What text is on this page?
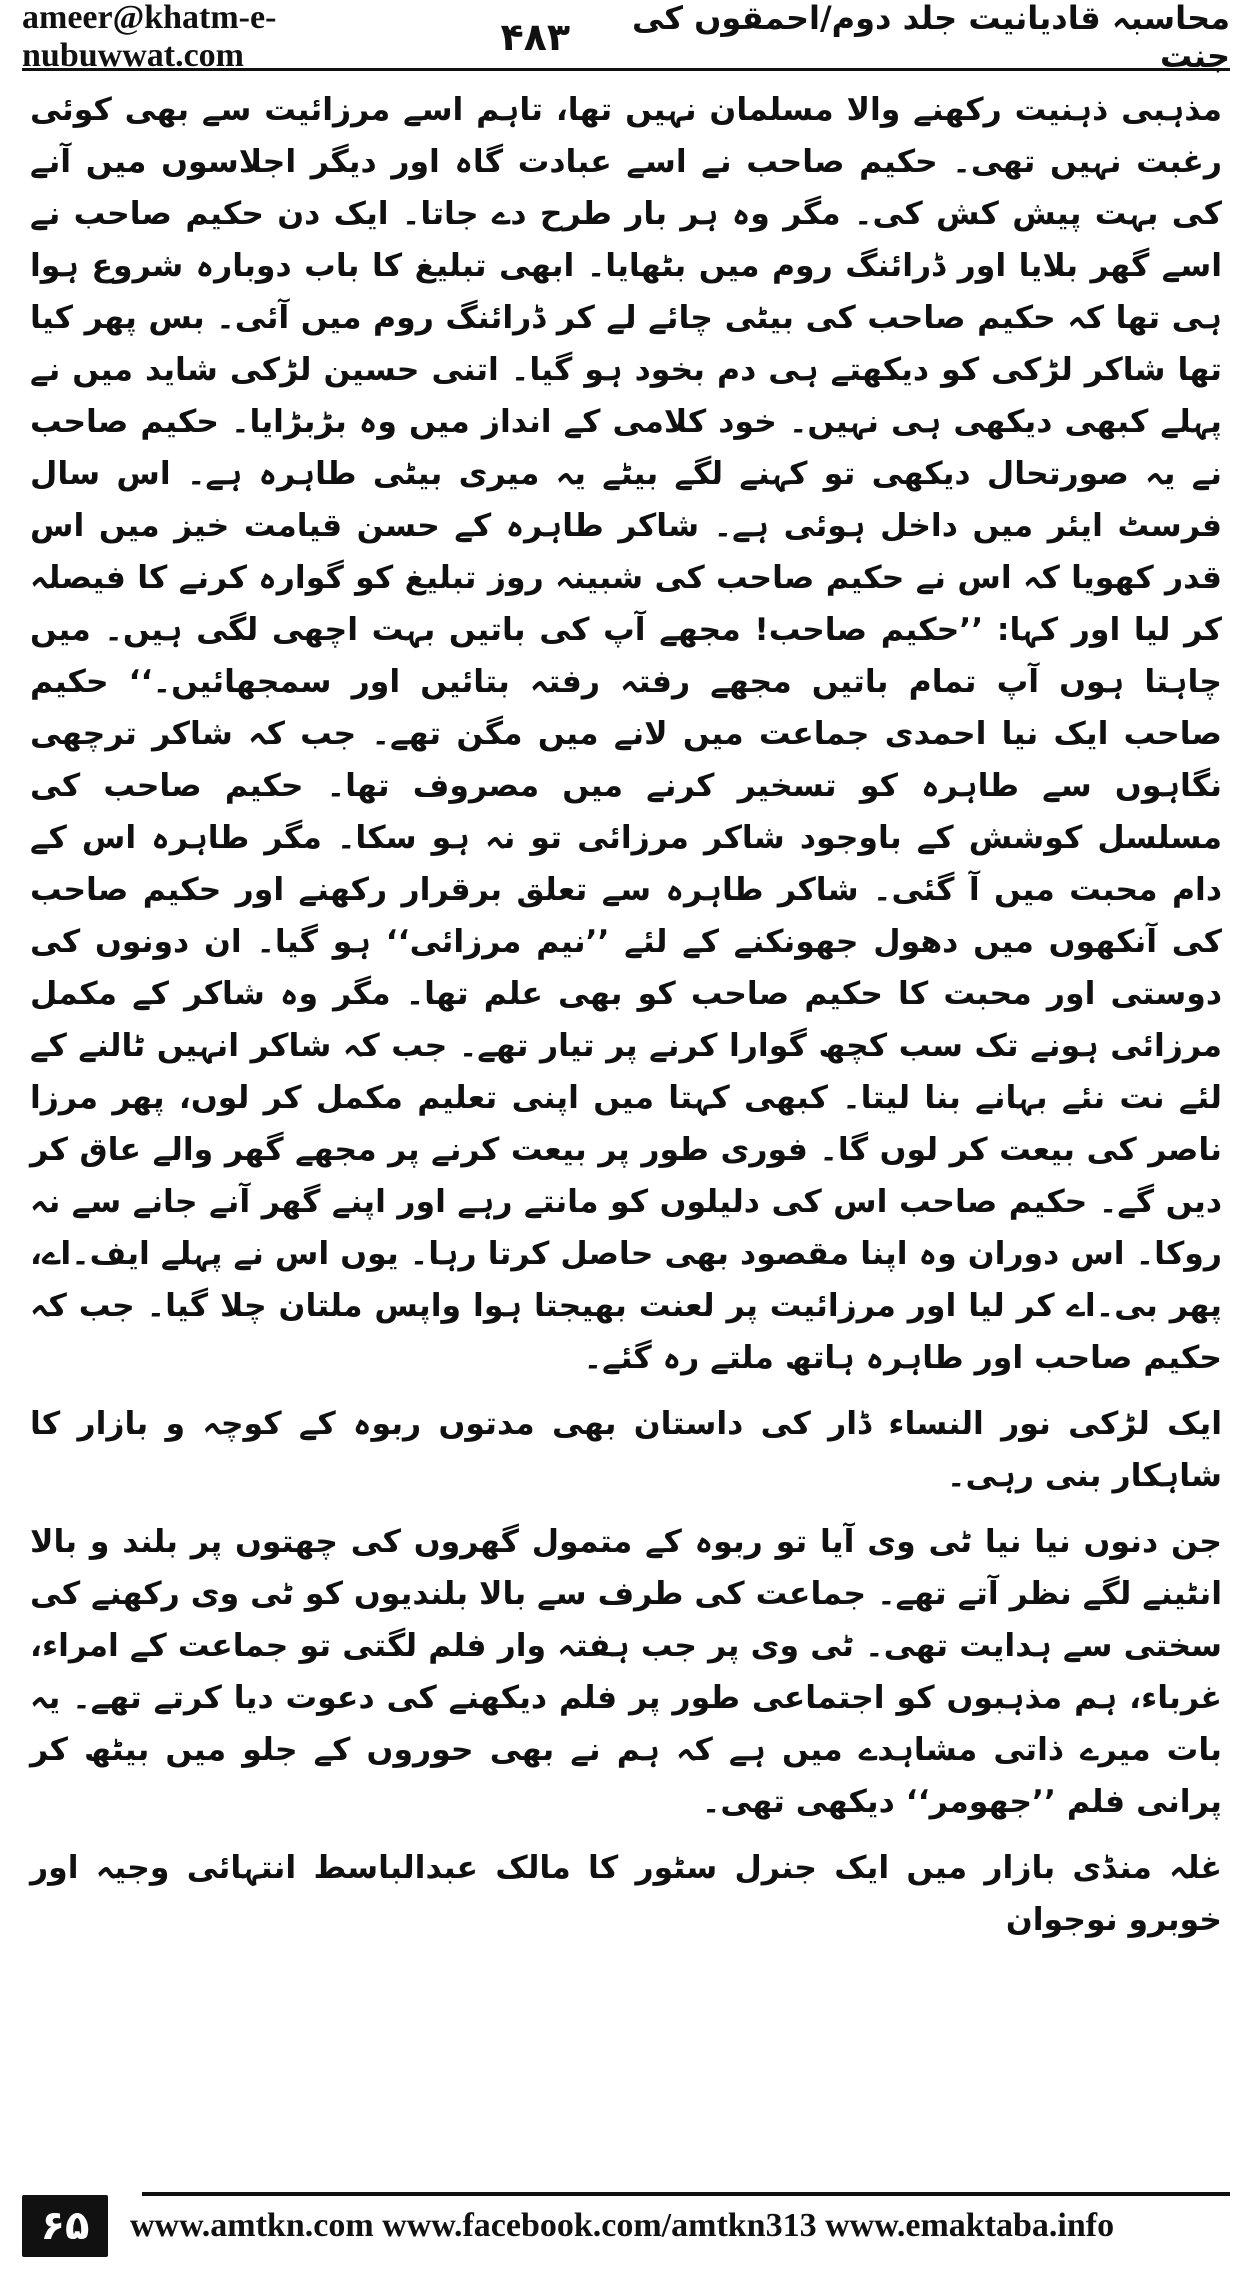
ameer@khatm-e-nubuwwat.com	۴۸۳	محاسبہ قادیانیت جلد دوم/احمقوں کی جنت

مذہبی ذہنیت رکھنے والا مسلمان نہیں تھا، تاہم اسے مرزائیت سے بھی کوئی رغبت نہیں تھی۔ حکیم صاحب نے اسے عبادت گاہ اور دیگر اجلاسوں میں آنے کی بہت پیش کش کی۔ مگر وہ ہر بار طرح دے جاتا۔ ایک دن حکیم صاحب نے اسے گھر بلایا اور ڈرائنگ روم میں بٹھایا۔ ابھی تبلیغ کا باب دوبارہ شروع ہوا ہی تھا کہ حکیم صاحب کی بیٹی چائے لے کر ڈرائنگ روم میں آئی۔ بس پھر کیا تھا شاکر لڑکی کو دیکھتے ہی دم بخود ہو گیا۔ اتنی حسین لڑکی شاید میں نے پہلے کبھی دیکھی ہی نہیں۔ خود کلامی کے انداز میں وہ بڑبڑایا۔ حکیم صاحب نے یہ صورتحال دیکھی تو کہنے لگے بیٹے یہ میری بیٹی طاہرہ ہے۔ اس سال فرسٹ ایئر میں داخل ہوئی ہے۔ شاکر طاہرہ کے حسن قیامت خیز میں اس قدر کھویا کہ اس نے حکیم صاحب کی شبینہ روز تبلیغ کو گوارہ کرنے کا فیصلہ کر لیا اور کہا: ’’حکیم صاحب! مجھے آپ کی باتیں بہت اچھی لگی ہیں۔ میں چاہتا ہوں آپ تمام باتیں مجھے رفتہ رفتہ بتائیں اور سمجھائیں۔‘‘ حکیم صاحب ایک نیا احمدی جماعت میں لانے میں مگن تھے۔ جب کہ شاکر ترچھی نگاہوں سے طاہرہ کو تسخیر کرنے میں مصروف تھا۔ حکیم صاحب کی مسلسل کوشش کے باوجود شاکر مرزائی تو نہ ہو سکا۔ مگر طاہرہ اس کے دام محبت میں آ گئی۔ شاکر طاہرہ سے تعلق برقرار رکھنے اور حکیم صاحب کی آنکھوں میں دھول جھونکنے کے لئے ’’نیم مرزائی‘‘ ہو گیا۔ ان دونوں کی دوستی اور محبت کا حکیم صاحب کو بھی علم تھا۔ مگر وہ شاکر کے مکمل مرزائی ہونے تک سب کچھ گوارا کرنے پر تیار تھے۔ جب کہ شاکر انہیں ٹالنے کے لئے نت نئے بہانے بنا لیتا۔ کبھی کہتا میں اپنی تعلیم مکمل کر لوں، پھر مرزا ناصر کی بیعت کر لوں گا۔ فوری طور پر بیعت کرنے پر مجھے گھر والے عاق کر دیں گے۔ حکیم صاحب اس کی دلیلوں کو مانتے رہے اور اپنے گھر آنے جانے سے نہ روکا۔ اس دوران وہ اپنا مقصود بھی حاصل کرتا رہا۔ یوں اس نے پہلے ایف۔اے، پھر بی۔اے کر لیا اور مرزائیت پر لعنت بھیجتا ہوا واپس ملتان چلا گیا۔ جب کہ حکیم صاحب اور طاہرہ ہاتھ ملتے رہ گئے۔

ایک لڑکی نور النساء ڈار کی داستان بھی مدتوں ربوہ کے کوچہ و بازار کا شاہکار بنی رہی۔

جن دنوں نیا نیا ٹی وی آیا تو ربوہ کے متمول گھروں کی چھتوں پر بلند و بالا انٹینے لگے نظر آتے تھے۔ جماعت کی طرف سے بالا بلندیوں کو ٹی وی رکھنے کی سختی سے ہدایت تھی۔ ٹی وی پر جب ہفتہ وار فلم لگتی تو جماعت کے امراء، غرباء، ہم مذہبوں کو اجتماعی طور پر فلم دیکھنے کی دعوت دیا کرتے تھے۔ یہ بات میرے ذاتی مشاہدے میں ہے کہ ہم نے بھی حوروں کے جلو میں بیٹھ کر پرانی فلم ’’جھومر‘‘ دیکھی تھی۔

غلہ منڈی بازار میں ایک جنرل سٹور کا مالک عبدالباسط انتہائی وجیہ اور خوبرو نوجوان

۶۵	www.amtkn.com www.facebook.com/amtkn313 www.emaktaba.info
